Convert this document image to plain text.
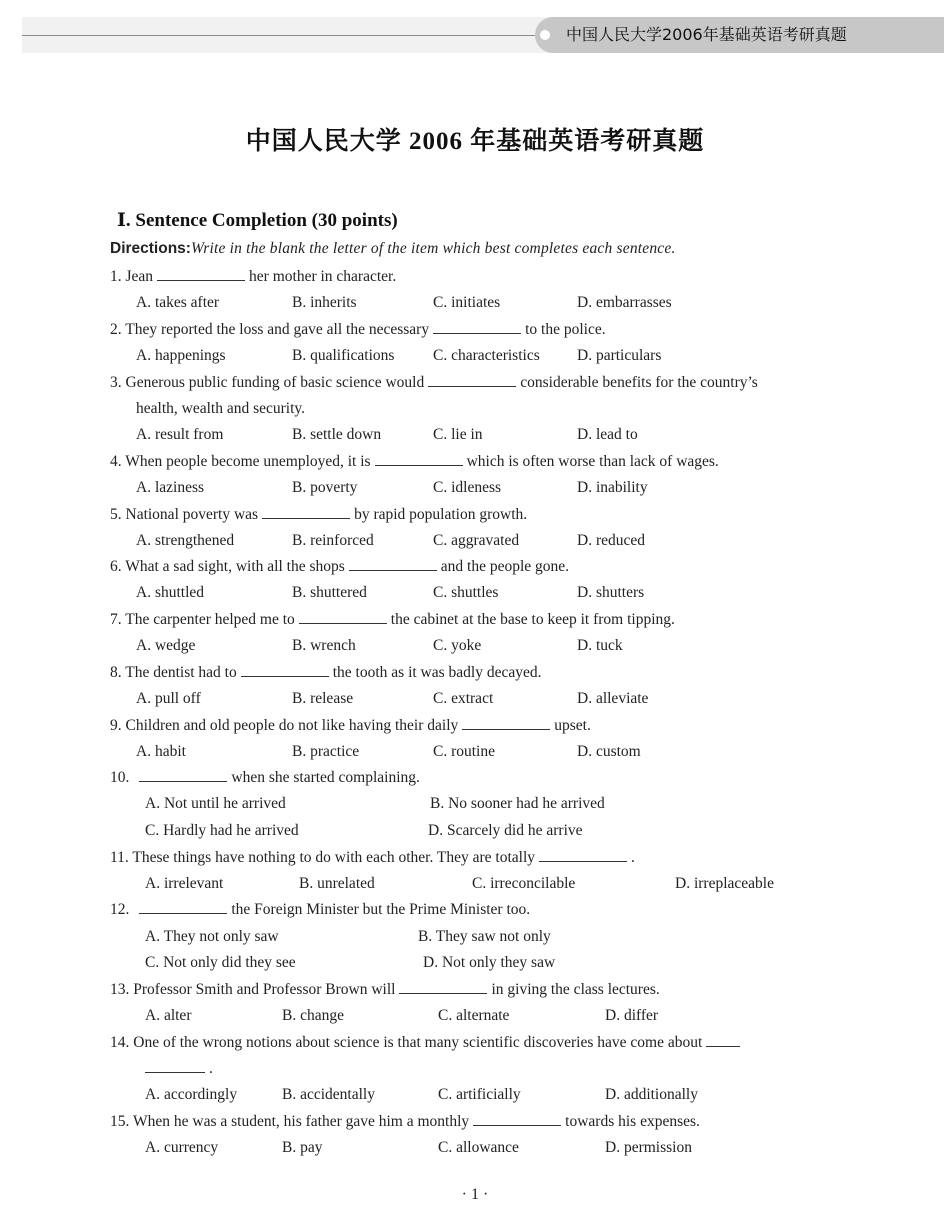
中国人民大学2006年基础英语考研真题
中国人民大学 2006 年基础英语考研真题
Ⅰ. Sentence Completion (30 points)
Directions:Write in the blank the letter of the item which best completes each sentence.
1. Jean	her mother in character.
A. takes after	B. inherits	C. initiates	D. embarrasses
2. They reported the loss and gave all the necessary	to the police.
A. happenings	B. qualifications C. characteristics D. particulars
3. Generous public funding of basic science would	considerable benefits for the country’s
health, wealth and security.
A. result from	B. settle down	C. lie in	D. lead to
4. When people become unemployed, it is	which is often worse than lack of wages.
A. laziness	B. poverty	C. idleness	D. inability
5. National poverty was	by rapid population growth.
A. strengthened	B. reinforced	C. aggravated	D. reduced
6. What a sad sight, with all the shops	and the people gone.
A. shuttled	B. shuttered	C. shuttles	D. shutters
7. The carpenter helped me to	the cabinet at the base to keep it from tipping.
A. wedge	B. wrench	C. yoke	D. tuck
8. The dentist had to	the tooth as it was badly decayed.
A. pull off	B. release	C. extract	D. alleviate
9. Children and old people do not like having their daily	upset.
A. habit	B. practice	C. routine	D. custom
10.	when she started complaining.
A. Not until he arrived	B. No sooner had he arrived
C. Hardly had he arrived	D. Scarcely did he arrive
11. These things have nothing to do with each other. They are totally	.
A. irrelevant	B. unrelated	C. irreconcilable	D. irreplaceable
12.	the Foreign Minister but the Prime Minister too.
A. They not only saw	B. They saw not only
C. Not only did they see	D. Not only they saw
13. Professor Smith and Professor Brown will	in giving the class lectures.
A. alter	B. change	C. alternate	D. differ
14. One of the wrong notions about science is that many scientific discoveries have come about
.
A. accordingly	B. accidentally	C. artificially	D. additionally
15. When he was a student, his father gave him a monthly	towards his expenses.
A. currency	B. pay	C. allowance	D. permission
· 1 ·
